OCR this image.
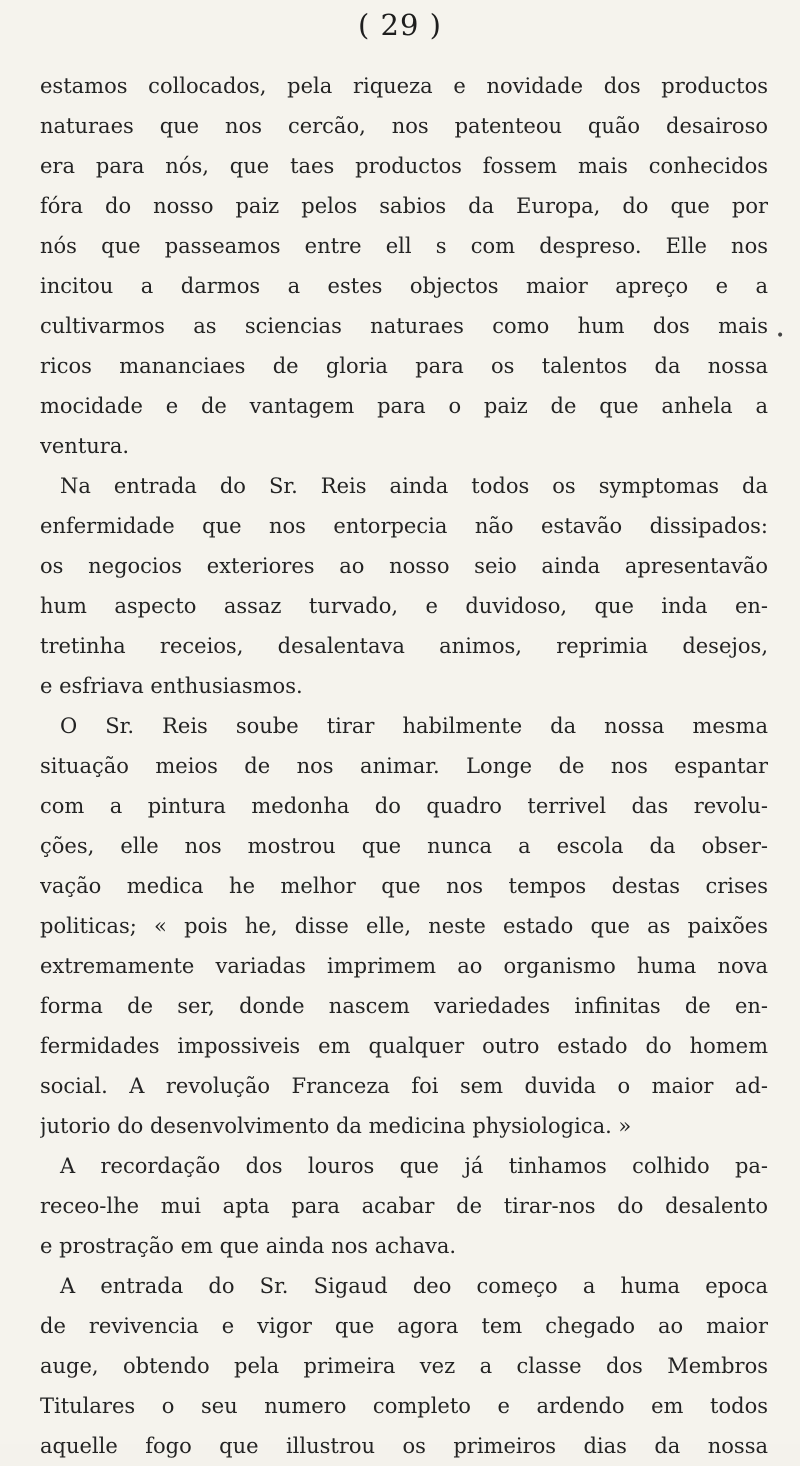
( 29 )
•
estamos collocados, pela riqueza e novidade dos productos
naturaes que nos cercão, nos patenteou quão desairoso
era para nós, que taes productos fossem mais conhecidos
fóra do nosso paiz pelos sabios da Europa, do que por
nós que passeamos entre ell s com despreso. Elle nos
incitou a darmos a estes objectos maior apreço e a
cultivarmos as sciencias naturaes como hum dos mais
ricos mananciaes de gloria para os talentos da nossa
mocidade e de vantagem para o paiz de que anhela a
ventura.
Na entrada do Sr. Reis ainda todos os symptomas da
enfermidade que nos entorpecia não estavão dissipados:
os negocios exteriores ao nosso seio ainda apresentavão
hum aspecto assaz turvado, e duvidoso, que inda en-
tretinha receios, desalentava animos, reprimia desejos,
e esfriava enthusiasmos.
O Sr. Reis soube tirar habilmente da nossa mesma
situação meios de nos animar. Longe de nos espantar
com a pintura medonha do quadro terrivel das revolu-
ções, elle nos mostrou que nunca a escola da obser-
vação medica he melhor que nos tempos destas crises
politicas; « pois he, disse elle, neste estado que as paixões
extremamente variadas imprimem ao organismo huma nova
forma de ser, donde nascem variedades infinitas de en-
fermidades impossiveis em qualquer outro estado do homem
social. A revolução Franceza foi sem duvida o maior ad-
jutorio do desenvolvimento da medicina physiologica. »
A recordação dos louros que já tinhamos colhido pa-
receo-lhe mui apta para acabar de tirar-nos do desalento
e prostração em que ainda nos achava.
A entrada do Sr. Sigaud deo começo a huma epoca
de revivencia e vigor que agora tem chegado ao maior
auge, obtendo pela primeira vez a classe dos Membros
Titulares o seu numero completo e ardendo em todos
aquelle fogo que illustrou os primeiros dias da nossa
